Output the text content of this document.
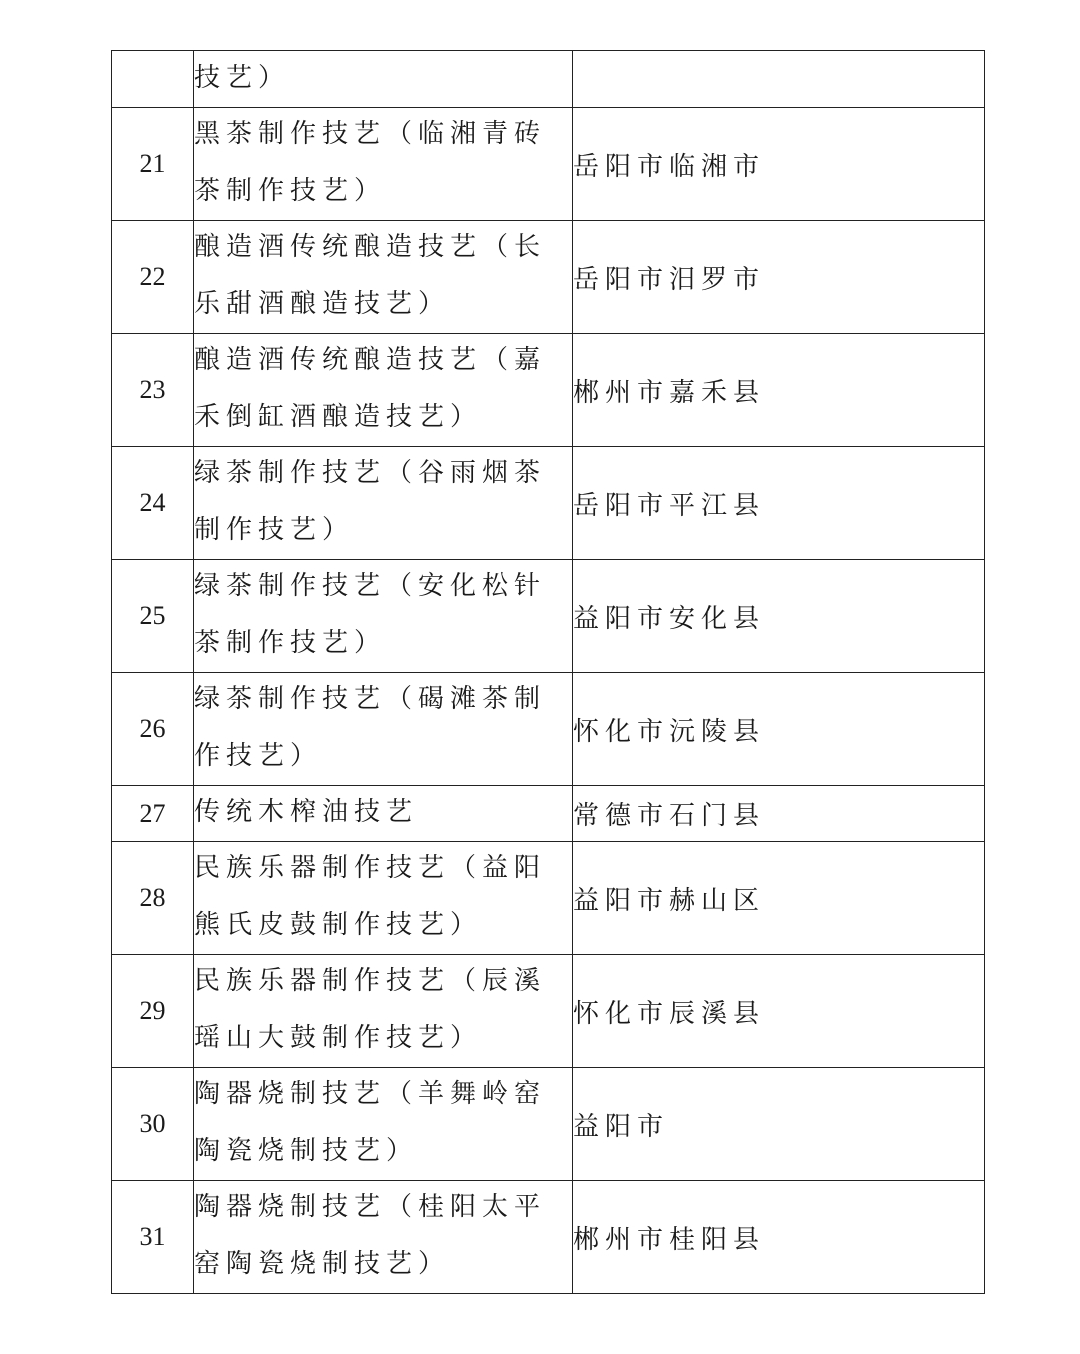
	技艺）	

21	黑茶制作技艺（临湘青砖茶制作技艺）	岳阳市临湘市
22	酿造酒传统酿造技艺（长乐甜酒酿造技艺）	岳阳市汨罗市
23	酿造酒传统酿造技艺（嘉禾倒缸酒酿造技艺）	郴州市嘉禾县
24	绿茶制作技艺（谷雨烟茶制作技艺）	岳阳市平江县
25	绿茶制作技艺（安化松针茶制作技艺）	益阳市安化县
26	绿茶制作技艺（碣滩茶制作技艺）	怀化市沅陵县
27	传统木榨油技艺	常德市石门县
28	民族乐器制作技艺（益阳熊氏皮鼓制作技艺）	益阳市赫山区
29	民族乐器制作技艺（辰溪瑶山大鼓制作技艺）	怀化市辰溪县
30	陶器烧制技艺（羊舞岭窑陶瓷烧制技艺）	益阳市
31	陶器烧制技艺（桂阳太平窑陶瓷烧制技艺）	郴州市桂阳县
